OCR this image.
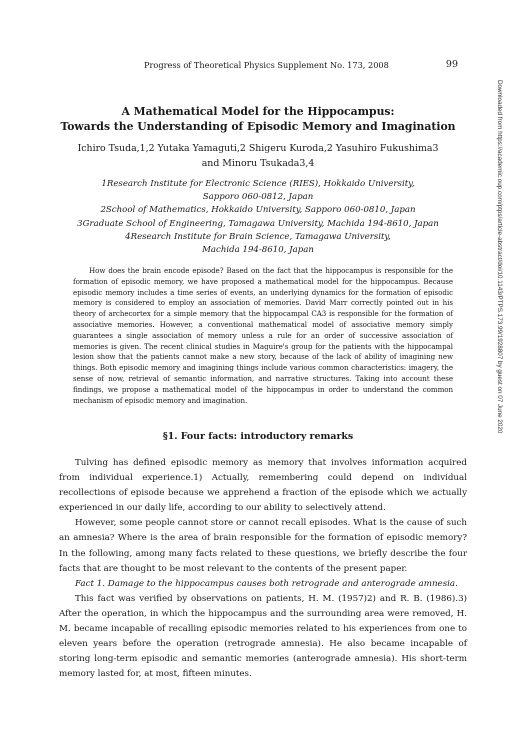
Progress of Theoretical Physics Supplement No. 173, 2008	99
A Mathematical Model for the Hippocampus:
Towards the Understanding of Episodic Memory and Imagination
Ichiro Tsuda,1,2 Yutaka Yamaguti,2 Shigeru Kuroda,2 Yasuhiro Fukushima3
and Minoru Tsukada3,4
1Research Institute for Electronic Science (RIES), Hokkaido University,
Sapporo 060-0812, Japan
2School of Mathematics, Hokkaido University, Sapporo 060-0810, Japan
3Graduate School of Engineering, Tamagawa University, Machida 194-8610, Japan
4Research Institute for Brain Science, Tamagawa University,
Machida 194-8610, Japan
How does the brain encode episode? Based on the fact that the hippocampus is responsible for the formation of episodic memory, we have proposed a mathematical model for the hippocampus. Because episodic memory includes a time series of events, an underlying dynamics for the formation of episodic memory is considered to employ an association of memories. David Marr correctly pointed out in his theory of archecortex for a simple memory that the hippocampal CA3 is responsible for the formation of associative memories. However, a conventional mathematical model of associative memory simply guarantees a single association of memory unless a rule for an order of successive association of memories is given. The recent clinical studies in Maguire's group for the patients with the hippocampal lesion show that the patients cannot make a new story, because of the lack of ability of imagining new things. Both episodic memory and imagining things include various common characteristics: imagery, the sense of now, retrieval of semantic information, and narrative structures. Taking into account these findings, we propose a mathematical model of the hippocampus in order to understand the common mechanism of episodic memory and imagination.
§1. Four facts: introductory remarks

Tulving has defined episodic memory as memory that involves information acquired from individual experience.1) Actually, remembering could depend on individual recollections of episode because we apprehend a fraction of the episode which we actually experienced in our daily life, according to our ability to selectively attend.

However, some people cannot store or cannot recall episodes. What is the cause of such an amnesia? Where is the area of brain responsible for the formation of episodic memory? In the following, among many facts related to these questions, we briefly describe the four facts that are thought to be most relevant to the contents of the present paper.

Fact 1. Damage to the hippocampus causes both retrograde and anterograde amnesia.

This fact was verified by observations on patients, H. M. (1957)2) and R. B. (1986).3) After the operation, in which the hippocampus and the surrounding area were removed, H. M. became incapable of recalling episodic memories related to his experiences from one to eleven years before the operation (retrograde amnesia). He also became incapable of storing long-term episodic and semantic memories (anterograde amnesia). His short-term memory lasted for, at most, fifteen minutes.

Downloaded from https://academic.oup.com/ptps/article-abstract/doi/10.1143/PTPS.173.99/1928807 by guest on 07 June 2020
